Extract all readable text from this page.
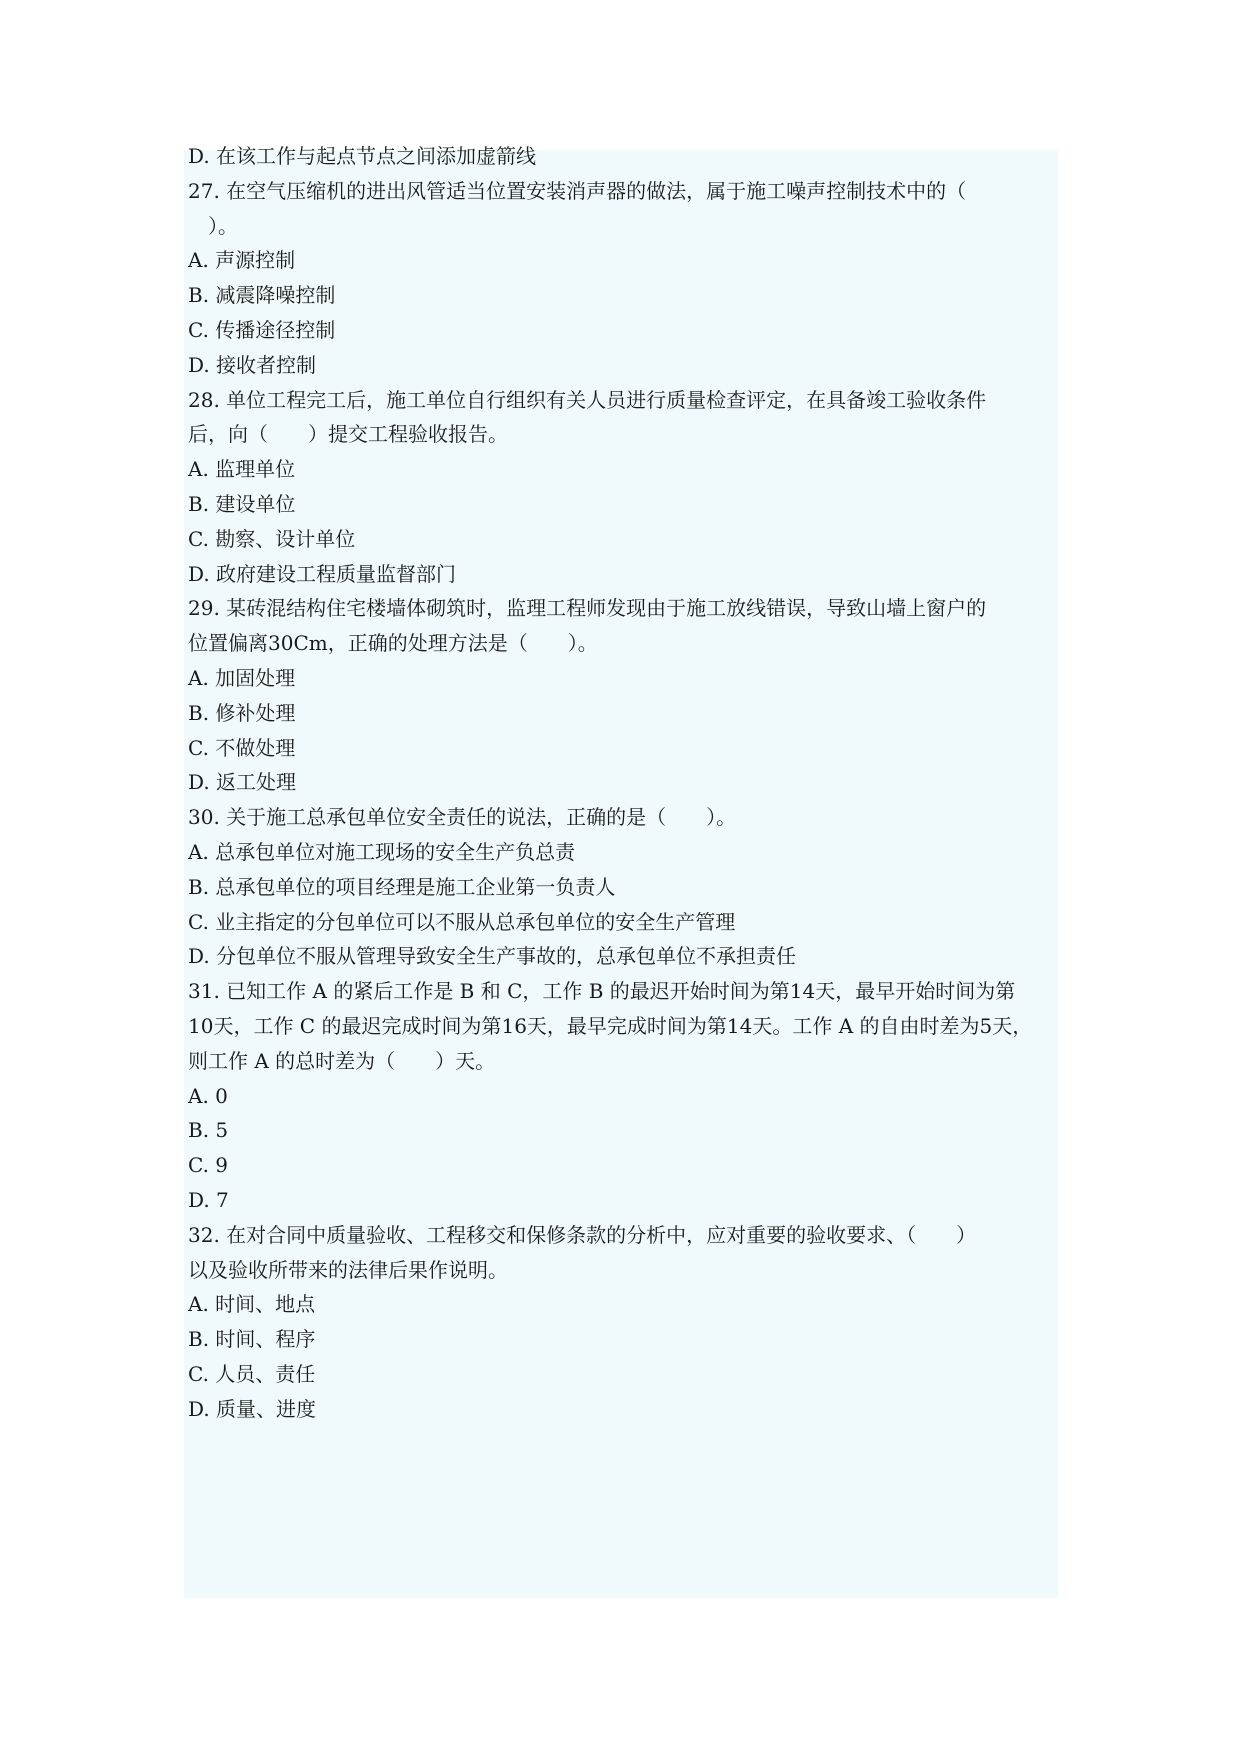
D. 在该工作与起点节点之间添加虚箭线
27. 在空气压缩机的进出风管适当位置安装消声器的做法，属于施工噪声控制技术中的（
）。
A. 声源控制
B. 减震降噪控制
C. 传播途径控制
D. 接收者控制
28. 单位工程完工后，施工单位自行组织有关人员进行质量检查评定，在具备竣工验收条件
后，向（　　）提交工程验收报告。
A. 监理单位
B. 建设单位
C. 勘察、设计单位
D. 政府建设工程质量监督部门
29. 某砖混结构住宅楼墙体砌筑时，监理工程师发现由于施工放线错误，导致山墙上窗户的
位置偏离30Cm，正确的处理方法是（　　）。
A. 加固处理
B. 修补处理
C. 不做处理
D. 返工处理
30. 关于施工总承包单位安全责任的说法，正确的是（　　）。
A. 总承包单位对施工现场的安全生产负总责
B. 总承包单位的项目经理是施工企业第一负责人
C. 业主指定的分包单位可以不服从总承包单位的安全生产管理
D. 分包单位不服从管理导致安全生产事故的，总承包单位不承担责任
31. 已知工作 A 的紧后工作是 B 和 C，工作 B 的最迟开始时间为第14天，最早开始时间为第
10天，工作 C 的最迟完成时间为第16天，最早完成时间为第14天。工作 A 的自由时差为5天，
则工作 A 的总时差为（　　）天。
A. 0
B. 5
C. 9
D. 7
32. 在对合同中质量验收、工程移交和保修条款的分析中，应对重要的验收要求、（　　）
以及验收所带来的法律后果作说明。
A. 时间、地点
B. 时间、程序
C. 人员、责任
D. 质量、进度
